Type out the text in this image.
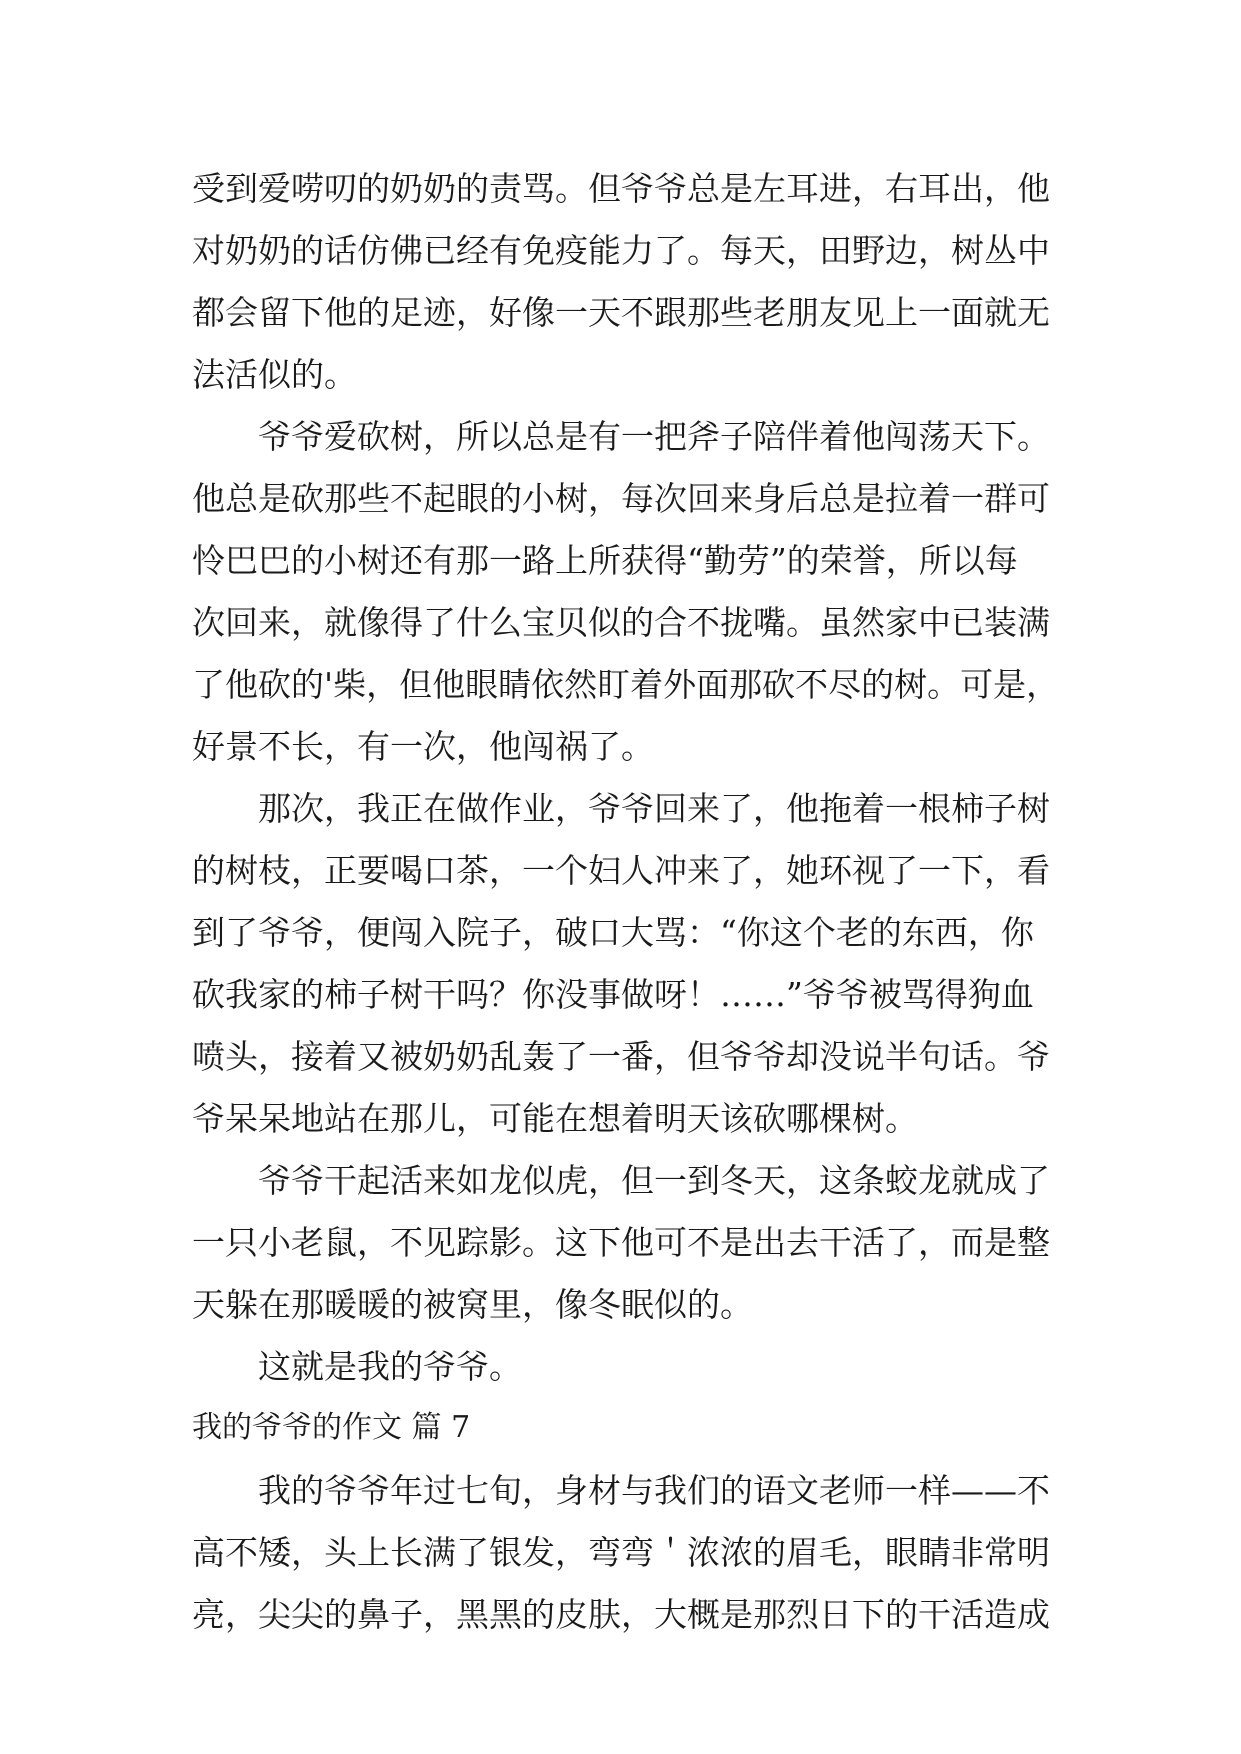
受到爱唠叨的奶奶的责骂。但爷爷总是左耳进，右耳出，他
对奶奶的话仿佛已经有免疫能力了。每天，田野边，树丛中
都会留下他的足迹，好像一天不跟那些老朋友见上一面就无
法活似的。
爷爷爱砍树，所以总是有一把斧子陪伴着他闯荡天下。
他总是砍那些不起眼的小树，每次回来身后总是拉着一群可
怜巴巴的小树还有那一路上所获得“勤劳”的荣誉，所以每
次回来，就像得了什么宝贝似的合不拢嘴。虽然家中已装满
了他砍的'柴，但他眼睛依然盯着外面那砍不尽的树。可是，
好景不长，有一次，他闯祸了。
那次，我正在做作业，爷爷回来了，他拖着一根柿子树
的树枝，正要喝口茶，一个妇人冲来了，她环视了一下，看
到了爷爷，便闯入院子，破口大骂：“你这个老的东西，你
砍我家的柿子树干吗？你没事做呀！……”爷爷被骂得狗血
喷头，接着又被奶奶乱轰了一番，但爷爷却没说半句话。爷
爷呆呆地站在那儿，可能在想着明天该砍哪棵树。
爷爷干起活来如龙似虎，但一到冬天，这条蛟龙就成了
一只小老鼠，不见踪影。这下他可不是出去干活了，而是整
天躲在那暖暖的被窝里，像冬眠似的。
这就是我的爷爷。
我的爷爷的作文 篇 7
我的爷爷年过七旬，身材与我们的语文老师一样——不
高不矮，头上长满了银发，弯弯＇浓浓的眉毛，眼睛非常明
亮，尖尖的鼻子，黑黑的皮肤，大概是那烈日下的干活造成
